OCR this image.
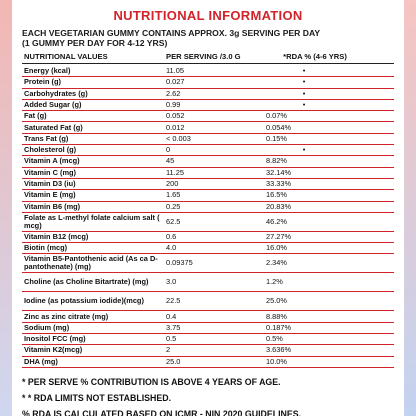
NUTRITIONAL INFORMATION
EACH VEGETARIAN GUMMY CONTAINS APPROX. 3g SERVING PER DAY
(1 GUMMY PER DAY FOR 4-12 YRS)
NUTRITIONAL VALUES	PER SERVING /3.0 G	*RDA % (4-6 YRS)
Energy (kcal)	11.05	•
Protein (g)	0.027	•
Carbohydrates (g)	2.62	•
Added Sugar (g)	0.99	•
Fat (g)	0.052	0.07%
Saturated Fat (g)	0.012	0.054%
Trans Fat (g)	< 0.003	0.15%
Cholesterol (g)	0	•
Vitamin A (mcg)	45	8.82%
Vitamin C (mg)	11.25	32.14%
Vitamin D3 (iu)	200	33.33%
Vitamin E (mg)	1.65	16.5%
Vitamin B6 (mg)	0.25	20.83%
Folate as L-methyl folate calcium salt ( mcg)	62.5	46.2%
Vitamin B12 (mcg)	0.6	27.27%
Biotin (mcg)	4.0	16.0%
Vitamin B5-Pantothenic acid (As ca D-pantothenate) (mg)	0.09375	2.34%
Choline (as Choline Bitartrate) (mg)	3.0	1.2%
Iodine (as potassium iodide)(mcg)	22.5	25.0%
Zinc as zinc citrate (mg)	0.4	8.88%
Sodium (mg)	3.75	0.187%
Inositol FCC (mg)	0.5	0.5%
Vitamin K2(mcg)	2	3.636%
DHA (mg)	25.0	10.0%
* PER SERVE % CONTRIBUTION IS ABOVE 4 YEARS OF AGE.
* * RDA LIMITS NOT ESTABLISHED.
% RDA IS CALCULATED BASED ON ICMR - NIN 2020 GUIDELINES.
